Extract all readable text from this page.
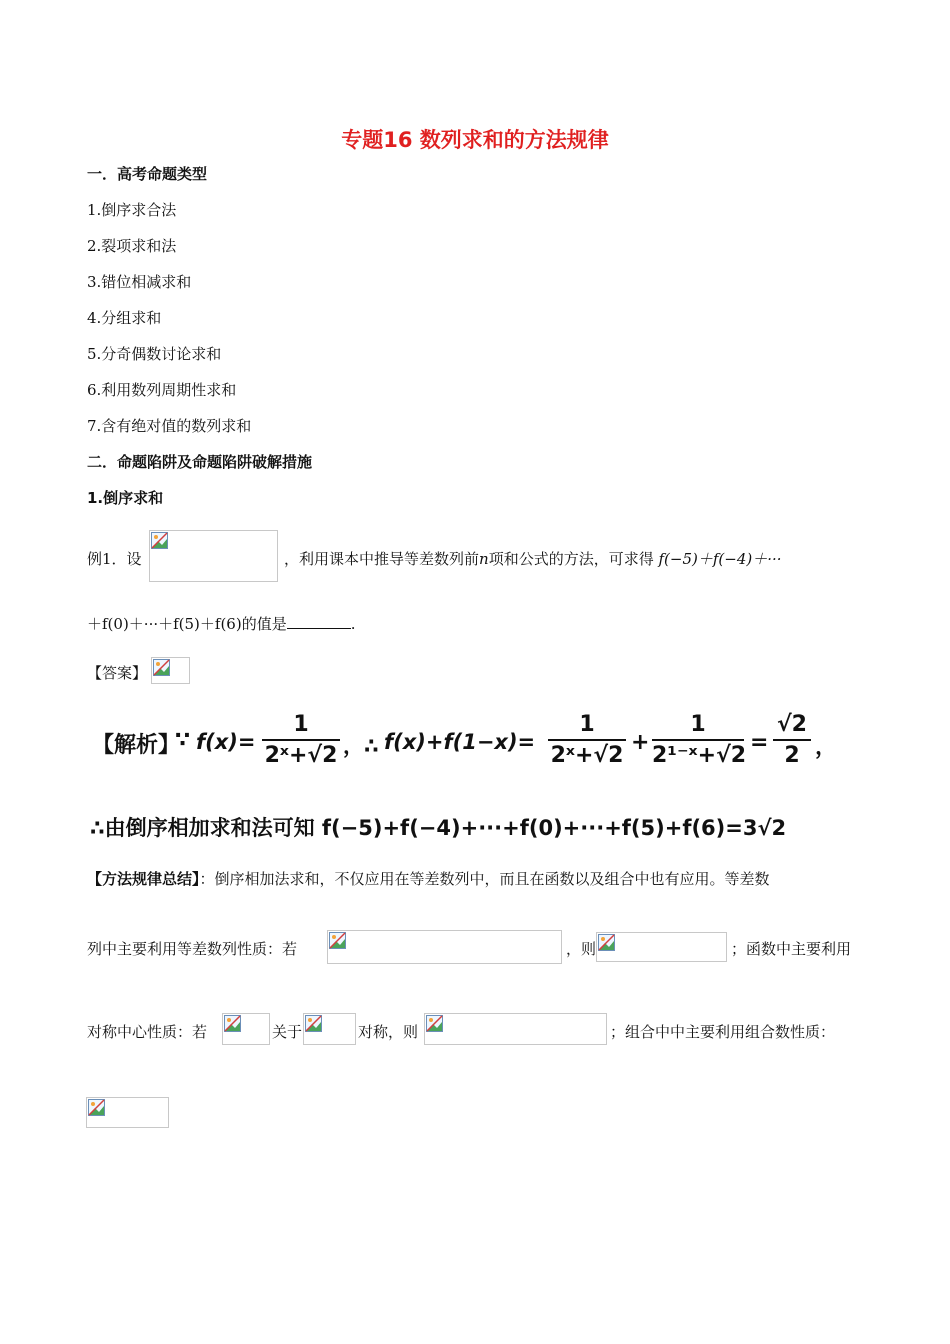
专题16 数列求和的方法规律
一．高考命题类型
1.倒序求合法
2.裂项求和法
3.错位相减求和
4.分组求和
5.分奇偶数讨论求和
6.利用数列周期性求和
7.含有绝对值的数列求和
二．命题陷阱及命题陷阱破解措施
1.倒序求和
例1．设	，利用课本中推导等差数列前n项和公式的方法，可求得 f(−5)＋f(−4)＋···
＋f(0)＋···＋f(5)＋f(6)的值是	.
【答案】
【解析】
∵ f(x)=
1
2ˣ+√2 ，∴ f(x)+f(1−x)=
1
2ˣ+√2
+
1
2¹⁻ˣ+√2
=
√2
2 ，
∴由倒序相加求和法可知 f(−5)+f(−4)+···+f(0)+···+f(5)+f(6)=3√2
【方法规律总结】：倒序相加法求和，不仅应用在等差数列中，而且在函数以及组合中也有应用。等差数
列中主要利用等差数列性质：若	，则	；函数中主要利用
对称中心性质：若	关于	对称，则	；组合中中主要利用组合数性质：
